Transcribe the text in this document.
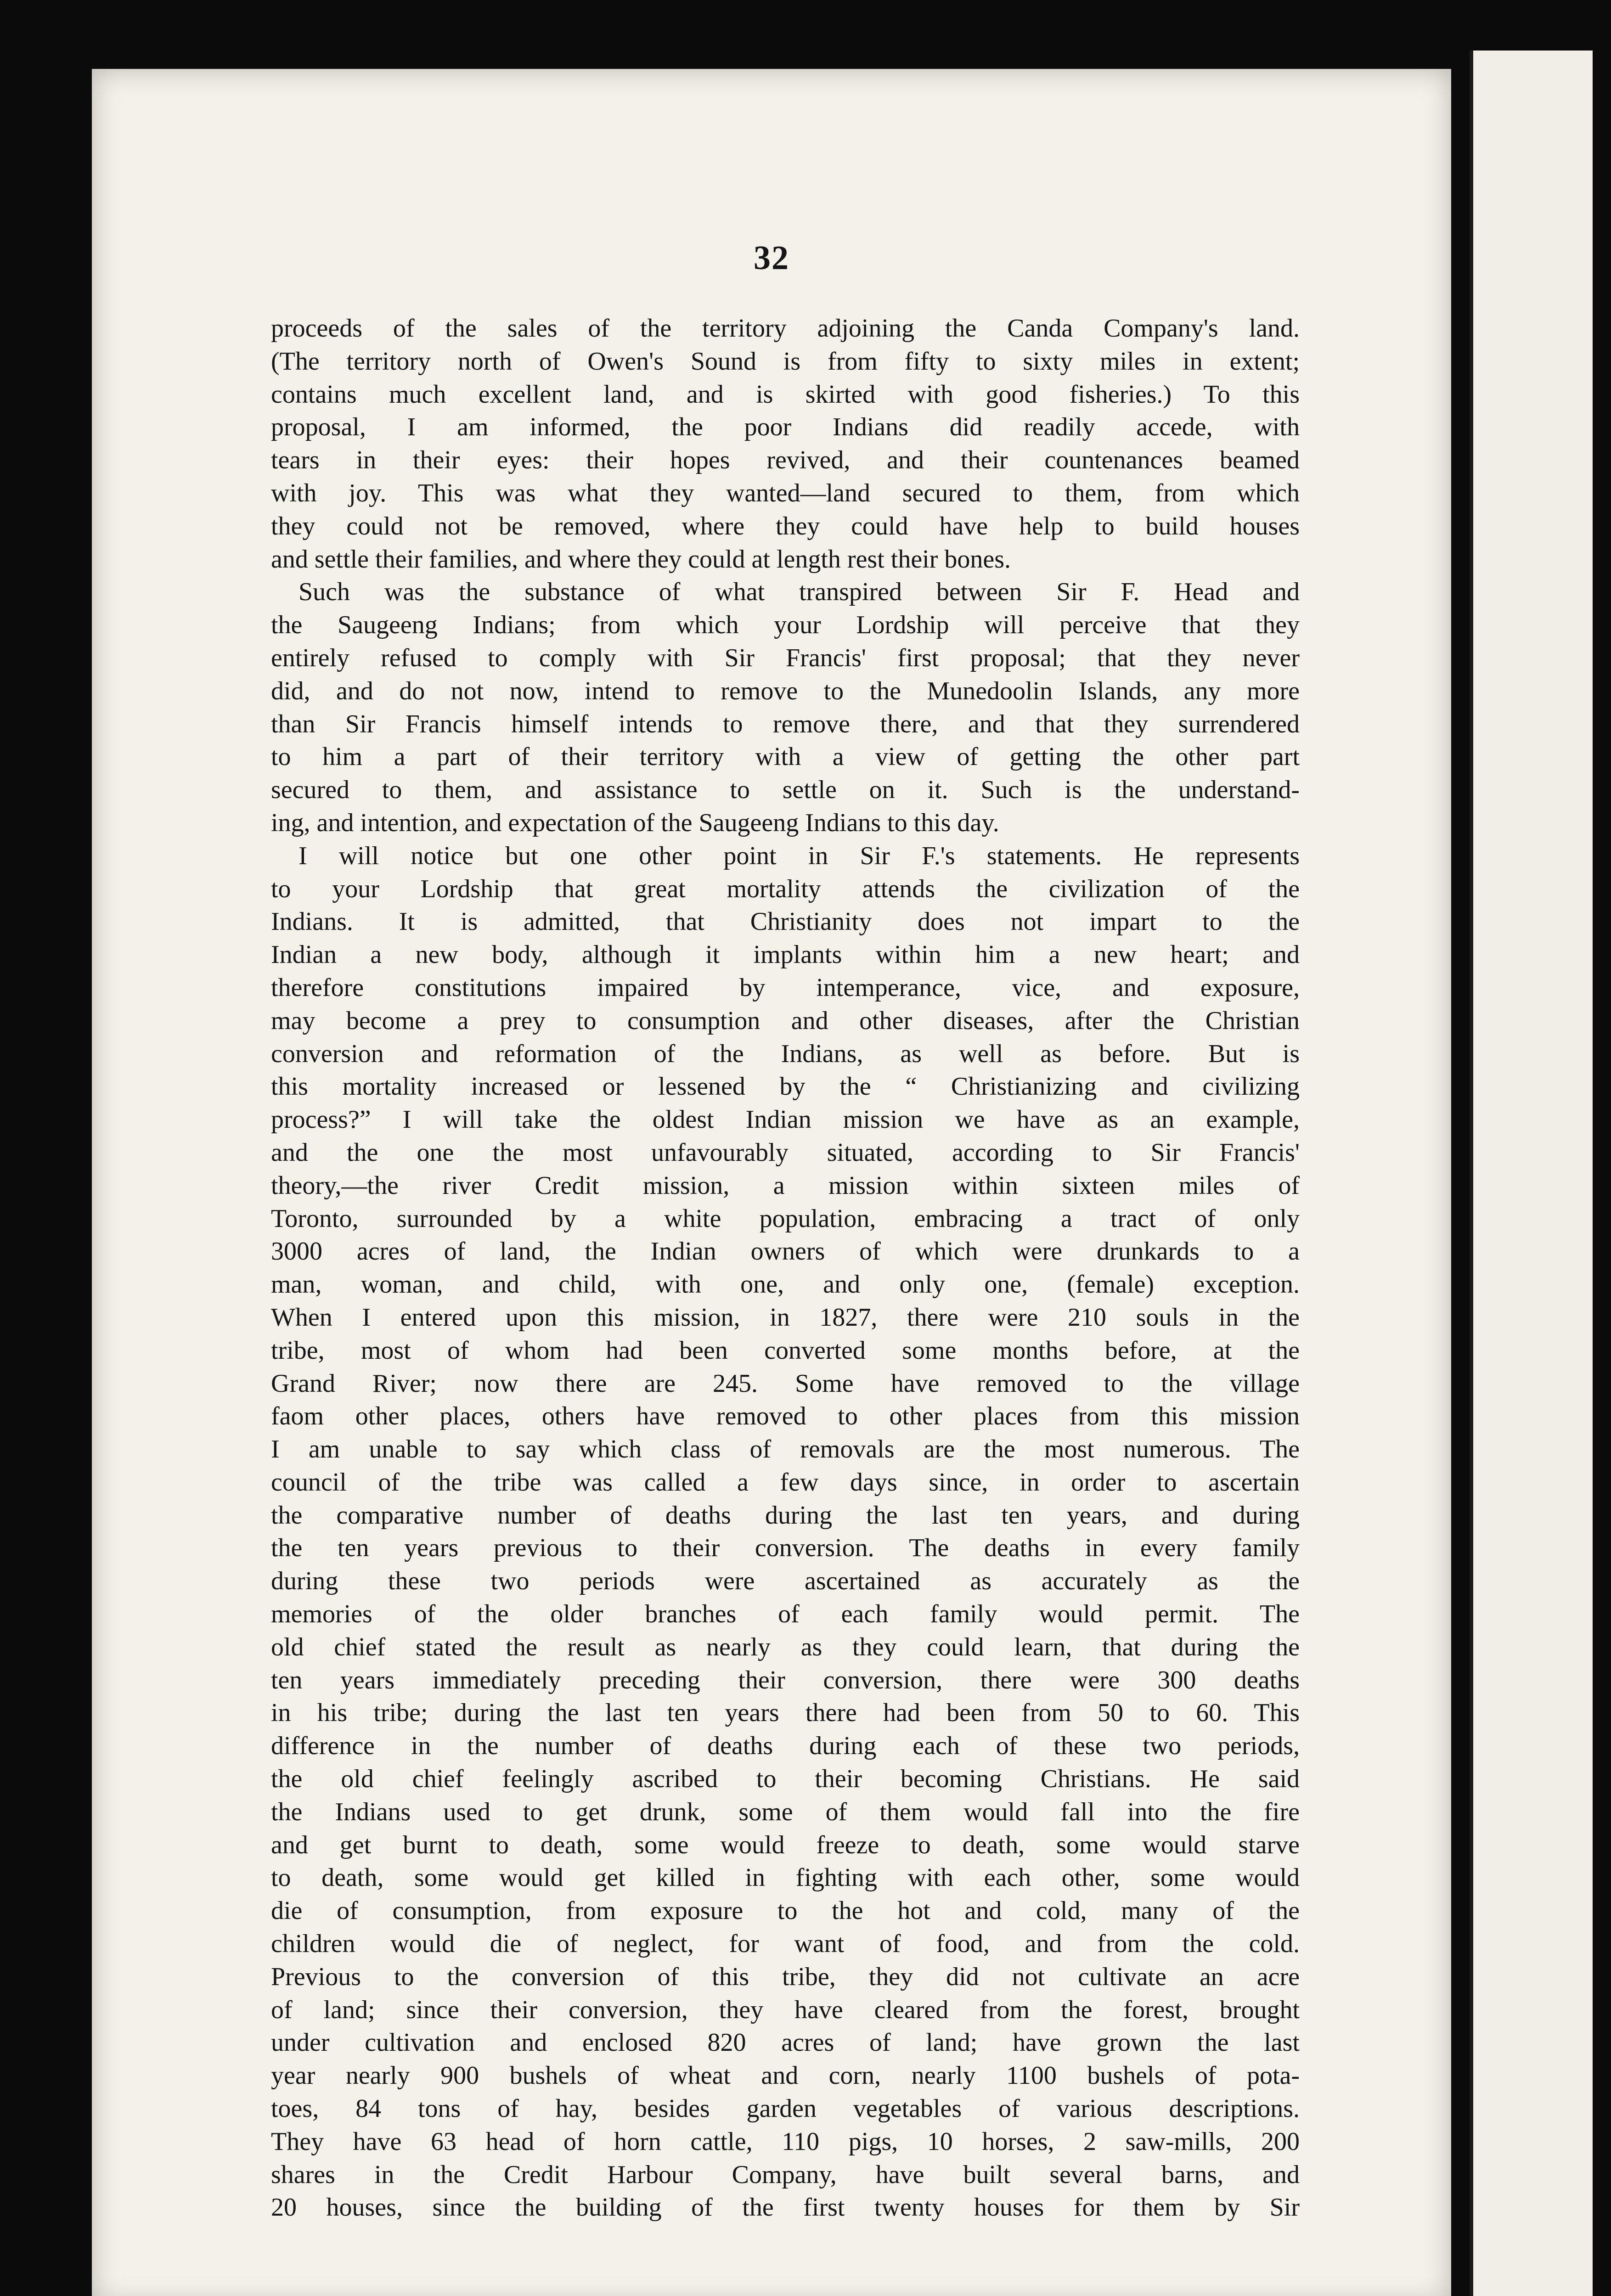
32
proceeds of the sales of the territory adjoining the Canda Company's land.
(The territory north of Owen's Sound is from fifty to sixty miles in extent;
contains much excellent land, and is skirted with good fisheries.) To this
proposal, I am informed, the poor Indians did readily accede, with
tears in their eyes: their hopes revived, and their countenances beamed
with joy. This was what they wanted—land secured to them, from which
they could not be removed, where they could have help to build houses
and settle their families, and where they could at length rest their bones.
Such was the substance of what transpired between Sir F. Head and
the Saugeeng Indians; from which your Lordship will perceive that they
entirely refused to comply with Sir Francis' first proposal; that they never
did, and do not now, intend to remove to the Munedoolin Islands, any more
than Sir Francis himself intends to remove there, and that they surrendered
to him a part of their territory with a view of getting the other part
secured to them, and assistance to settle on it. Such is the understand-
ing, and intention, and expectation of the Saugeeng Indians to this day.
I will notice but one other point in Sir F.'s statements. He represents
to your Lordship that great mortality attends the civilization of the
Indians. It is admitted, that Christianity does not impart to the
Indian a new body, although it implants within him a new heart; and
therefore constitutions impaired by intemperance, vice, and exposure,
may become a prey to consumption and other diseases, after the Christian
conversion and reformation of the Indians, as well as before. But is
this mortality increased or lessened by the “ Christianizing and civilizing
process?” I will take the oldest Indian mission we have as an example,
and the one the most unfavourably situated, according to Sir Francis'
theory,—the river Credit mission, a mission within sixteen miles of
Toronto, surrounded by a white population, embracing a tract of only
3000 acres of land, the Indian owners of which were drunkards to a
man, woman, and child, with one, and only one, (female) exception.
When I entered upon this mission, in 1827, there were 210 souls in the
tribe, most of whom had been converted some months before, at the
Grand River; now there are 245. Some have removed to the village
faom other places, others have removed to other places from this mission
I am unable to say which class of removals are the most numerous. The
council of the tribe was called a few days since, in order to ascertain
the comparative number of deaths during the last ten years, and during
the ten years previous to their conversion. The deaths in every family
during these two periods were ascertained as accurately as the
memories of the older branches of each family would permit. The
old chief stated the result as nearly as they could learn, that during the
ten years immediately preceding their conversion, there were 300 deaths
in his tribe; during the last ten years there had been from 50 to 60. This
difference in the number of deaths during each of these two periods,
the old chief feelingly ascribed to their becoming Christians. He said
the Indians used to get drunk, some of them would fall into the fire
and get burnt to death, some would freeze to death, some would starve
to death, some would get killed in fighting with each other, some would
die of consumption, from exposure to the hot and cold, many of the
children would die of neglect, for want of food, and from the cold.
Previous to the conversion of this tribe, they did not cultivate an acre
of land; since their conversion, they have cleared from the forest, brought
under cultivation and enclosed 820 acres of land; have grown the last
year nearly 900 bushels of wheat and corn, nearly 1100 bushels of pota-
toes, 84 tons of hay, besides garden vegetables of various descriptions.
They have 63 head of horn cattle, 110 pigs, 10 horses, 2 saw-mills, 200
shares in the Credit Harbour Company, have built several barns, and
20 houses, since the building of the first twenty houses for them by Sir
